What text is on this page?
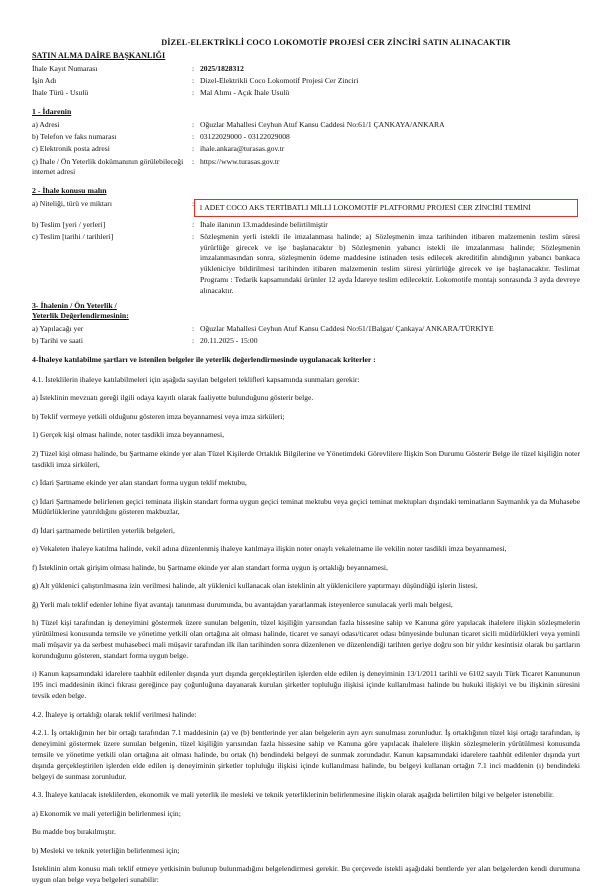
DİZEL-ELEKTRİKLİ COCO LOKOMOTİF PROJESİ CER ZİNCİRİ SATIN ALINACAKTIR
SATIN ALMA DAİRE BAŞKANLIĞI
İhale Kayıt Numarası	: 2025/1828312
İşin Adı	: Dizel-Elektrikli Coco Lokomotif Projesi Cer Zinciri
İhale Türü - Usulü	: Mal Alımı - Açık İhale Usulü
1 - İdarenin
a) Adresi	: Oğuzlar Mahallesi Ceyhun Atuf Kansu Caddesi No:61/1 ÇANKAYA/ANKARA
b) Telefon ve faks numarası	: 03122029000 - 03122029008
c) Elektronik posta adresi	: ihale.ankara@turasas.gov.tr
ç) İhale / Ön Yeterlik dokümanının görülebileceği internet adresi
: https://www.turasas.gov.tr
2 - İhale konusu malın
a) Niteliği, türü ve miktarı	: 1 ADET COCO AKS TERTİBATLI MİLLİ LOKOMOTİF PLATFORMU PROJESİ CER ZİNCİRİ TEMİNİ
b) Teslim [yeri / yerleri]	: İhale ilanının 13.maddesinde belirtilmiştir
c) Teslim [tarihi / tarihleri]	: Sözleşmenin yerli istekli ile imzalanması halinde; a) Sözleşmenin imza tarihinden itibaren malzemenin teslim süresi yürürlüğe girecek ve işe başlanacaktır b) Sözleşmenin yabancı istekli ile imzalanması halinde; Sözleşmenin imzalanmasından sonra, sözleşmenin ödeme maddesine istinaden tesis edilecek akreditifin alındığının yabancı bankaca yükleniciye bildirilmesi tarihinden itibaren malzemenin teslim süresi yürürlüğe girecek ve işe başlanacaktır. Teslimat Programı : Tedarik kapsamındaki ürünler 12 ayda İdareye teslim edilecektir. Lokomotife montajı sonrasında 3 ayda devreye alınacaktır.
3- İhalenin / Ön Yeterlik /
Yeterlik Değerlendirmesinin:
a) Yapılacağı yer	: Oğuzlar Mahallesi Ceyhun Atuf Kansu Caddesi No:61/1Balgat/ Çankaya/ ANKARA/TÜRKİYE
b) Tarihi ve saati	: 20.11.2025 - 15:00
4-İhaleye katılabilme şartları ve istenilen belgeler ile yeterlik değerlendirmesinde uygulanacak kriterler :
4.1. İsteklilerin ihaleye katılabilmeleri için aşağıda sayılan belgeleri teklifleri kapsamında sunmaları gerekir:
a) İsteklinin mevzuatı gereği ilgili odaya kayıtlı olarak faaliyette bulunduğunu gösterir belge.
b) Teklif vermeye yetkili olduğunu gösteren imza beyannamesi veya imza sirküleri;
1) Gerçek kişi olması halinde, noter tasdikli imza beyannamesi,
2) Tüzel kişi olması halinde, bu Şartname ekinde yer alan Tüzel Kişilerde Ortaklık Bilgilerine ve Yönetimdeki Görevlilere İlişkin Son Durumu Gösterir Belge ile tüzel kişiliğin noter tasdikli imza sirküleri,
c) İdari Şartname ekinde yer alan standart forma uygun teklif mektubu,
ç) İdari Şartnamede belirlenen geçici teminata ilişkin standart forma uygun geçici teminat mektubu veya geçici teminat mektupları dışındaki teminatların Saymanlık ya da Muhasebe Müdürlüklerine yatırıldığını gösteren makbuzlar,
d) İdari şartnamede belirtilen yeterlik belgeleri,
e) Vekaleten ihaleye katılma halinde, vekil adına düzenlenmiş ihaleye katılmaya ilişkin noter onaylı vekaletname ile vekilin noter tasdikli imza beyannamesi,
f) İsteklinin ortak girişim olması halinde, bu Şartname ekinde yer alan standart forma uygun iş ortaklığı beyannamesi,
g) Alt yüklenici çalıştırılmasına izin verilmesi halinde, alt yüklenici kullanacak olan isteklinin alt yüklenicilere yaptırmayı düşündüğü işlerin listesi,
ğ) Yerli malı teklif edenler lehine fiyat avantajı tanınması durumunda, bu avantajdan yararlanmak isteyenlerce sunulacak yerli malı belgesi,
h) Tüzel kişi tarafından iş deneyimini göstermek üzere sunulan belgenin, tüzel kişiliğin yarısından fazla hissesine sahip ve Kanuna göre yapılacak ihalelere ilişkin sözleşmelerin yürütülmesi konusunda temsile ve yönetime yetkili olan ortağına ait olması halinde, ticaret ve sanayi odası/ticaret odası bünyesinde bulunan ticaret sicili müdürlükleri veya yeminli mali müşavir ya da serbest muhasebeci mali müşavir tarafından ilk ilan tarihinden sonra düzenlenen ve düzenlendiği tarihten geriye doğru son bir yıldır kesintisiz olarak bu şartların korunduğunu gösteren, standart forma uygun belge.
ı) Kanun kapsamındaki idarelere taahhüt edilenler dışında yurt dışında gerçekleştirilen işlerden elde edilen iş deneyiminin 13/1/2011 tarihli ve 6102 sayılı Türk Ticaret Kanununun 195 inci maddesinin ikinci fıkrası gereğince pay çoğunluğuna dayanarak kurulan şirketler topluluğu ilişkisi içinde kullanılması halinde bu hukuki ilişkiyi ve bu ilişkinin süresini tevsik eden belge.
4.2. İhaleye iş ortaklığı olarak teklif verilmesi halinde:
4.2.1. İş ortaklığının her bir ortağı tarafından 7.1 maddesinin (a) ve (b) bentlerinde yer alan belgelerin ayrı ayrı sunulması zorunludur. İş ortaklığının tüzel kişi ortağı tarafından, iş deneyimini göstermek üzere sunulan belgenin, tüzel kişiliğin yarısından fazla hissesine sahip ve Kanuna göre yapılacak ihalelere ilişkin sözleşmelerin yürütülmesi konusunda temsile ve yönetime yetkili olan ortağına ait olması halinde, bu ortak (h) bendindeki belgeyi de sunmak zorundadır. Kanun kapsamındaki idarelere taahhüt edilenler dışında yurt dışında gerçekleştirilen işlerden elde edilen iş deneyiminin şirketler topluluğu ilişkisi içinde kullanılması halinde, bu belgeyi kullanan ortağın 7.1 inci maddenin (ı) bendindeki belgeyi de sunması zorunludur.
4.3. İhaleye katılacak isteklilerden, ekonomik ve mali yeterlik ile mesleki ve teknik yeterliklerinin belirlenmesine ilişkin olarak aşağıda belirtilen bilgi ve belgeler istenebilir.
a) Ekonomik ve mali yeterliğin belirlenmesi için;
Bu madde boş bırakılmıştır.
b) Mesleki ve teknik yeterliğin belirlenmesi için;
İsteklinin alım konusu malı teklif etmeye yetkisinin bulunup bulunmadığını belgelendirmesi gerekir. Bu çerçevede istekli aşağıdaki bentlerde yer alan belgelerden kendi durumuna uygun olan belge veya belgeleri sunabilir:
